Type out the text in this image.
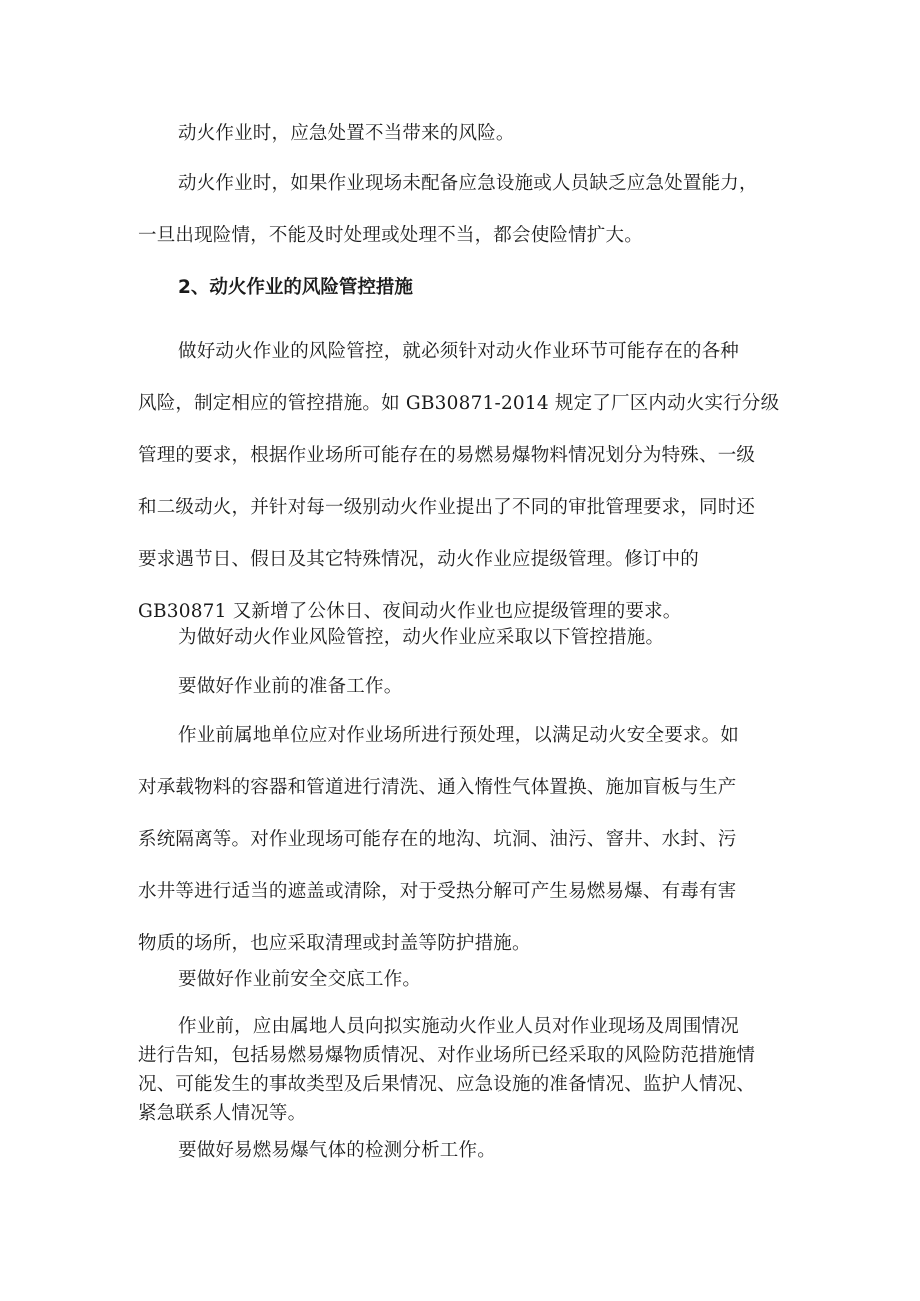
动火作业时，应急处置不当带来的风险。

动火作业时，如果作业现场未配备应急设施或人员缺乏应急处置能力，
一旦出现险情，不能及时处理或处理不当，都会使险情扩大。

2、动火作业的风险管控措施

做好动火作业的风险管控，就必须针对动火作业环节可能存在的各种
风险，制定相应的管控措施。如 GB30871-2014 规定了厂区内动火实行分级
管理的要求，根据作业场所可能存在的易燃易爆物料情况划分为特殊、一级
和二级动火，并针对每一级别动火作业提出了不同的审批管理要求，同时还
要求遇节日、假日及其它特殊情况，动火作业应提级管理。修订中的
GB30871 又新增了公休日、夜间动火作业也应提级管理的要求。

为做好动火作业风险管控，动火作业应采取以下管控措施。

要做好作业前的准备工作。

作业前属地单位应对作业场所进行预处理，以满足动火安全要求。如
对承载物料的容器和管道进行清洗、通入惰性气体置换、施加盲板与生产
系统隔离等。对作业现场可能存在的地沟、坑洞、油污、窨井、水封、污
水井等进行适当的遮盖或清除，对于受热分解可产生易燃易爆、有毒有害
物质的场所，也应采取清理或封盖等防护措施。

要做好作业前安全交底工作。

作业前，应由属地人员向拟实施动火作业人员对作业现场及周围情况
进行告知，包括易燃易爆物质情况、对作业场所已经采取的风险防范措施情
况、可能发生的事故类型及后果情况、应急设施的准备情况、监护人情况、
紧急联系人情况等。

要做好易燃易爆气体的检测分析工作。
